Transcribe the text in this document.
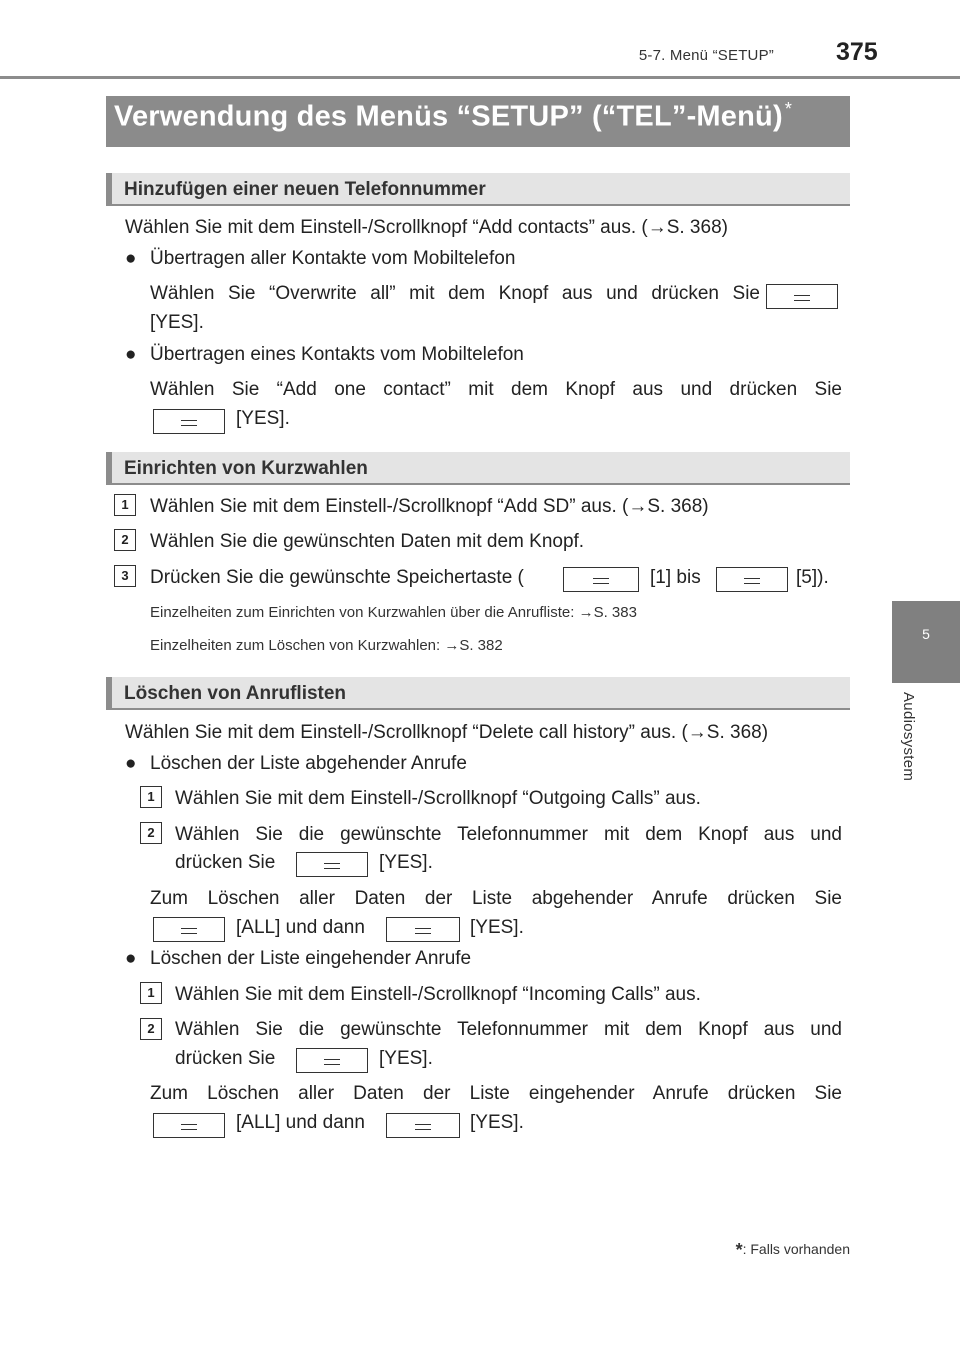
5-7. Menü “SETUP” 375
5
Audiosystem
Verwendung des Menüs “SETUP” (“TEL”-Menü) *
Hinzufügen einer neuen Telefonnummer
Wählen Sie mit dem Einstell-/Scrollknopf “Add contacts” aus. (→S. 368)
● Übertragen aller Kontakte vom Mobiltelefon
Wählen Sie “Overwrite all” mit dem Knopf aus und drücken Sie
[YES].
● Übertragen eines Kontakts vom Mobiltelefon
Wählen Sie “Add one contact” mit dem Knopf aus und drücken Sie
[YES].
Einrichten von Kurzwahlen
1	Wählen Sie mit dem Einstell-/Scrollknopf “Add SD” aus. (→S. 368)
2	Wählen Sie die gewünschten Daten mit dem Knopf.
3	Drücken Sie die gewünschte Speichertaste (	[1] bis	[5]).
Einzelheiten zum Einrichten von Kurzwahlen über die Anrufliste: →S. 383
Einzelheiten zum Löschen von Kurzwahlen: →S. 382
Löschen von Anruflisten
Wählen Sie mit dem Einstell-/Scrollknopf “Delete call history” aus. (→S. 368)
● Löschen der Liste abgehender Anrufe
1	Wählen Sie mit dem Einstell-/Scrollknopf “Outgoing Calls” aus.
2	Wählen Sie die gewünschte Telefonnummer mit dem Knopf aus und
drücken Sie	[YES].
Zum Löschen aller Daten der Liste abgehender Anrufe drücken Sie
[ALL] und dann	[YES].
● Löschen der Liste eingehender Anrufe
1	Wählen Sie mit dem Einstell-/Scrollknopf “Incoming Calls” aus.
2	Wählen Sie die gewünschte Telefonnummer mit dem Knopf aus und
drücken Sie	[YES].
Zum Löschen aller Daten der Liste eingehender Anrufe drücken Sie
[ALL] und dann	[YES].
*: Falls vorhanden
